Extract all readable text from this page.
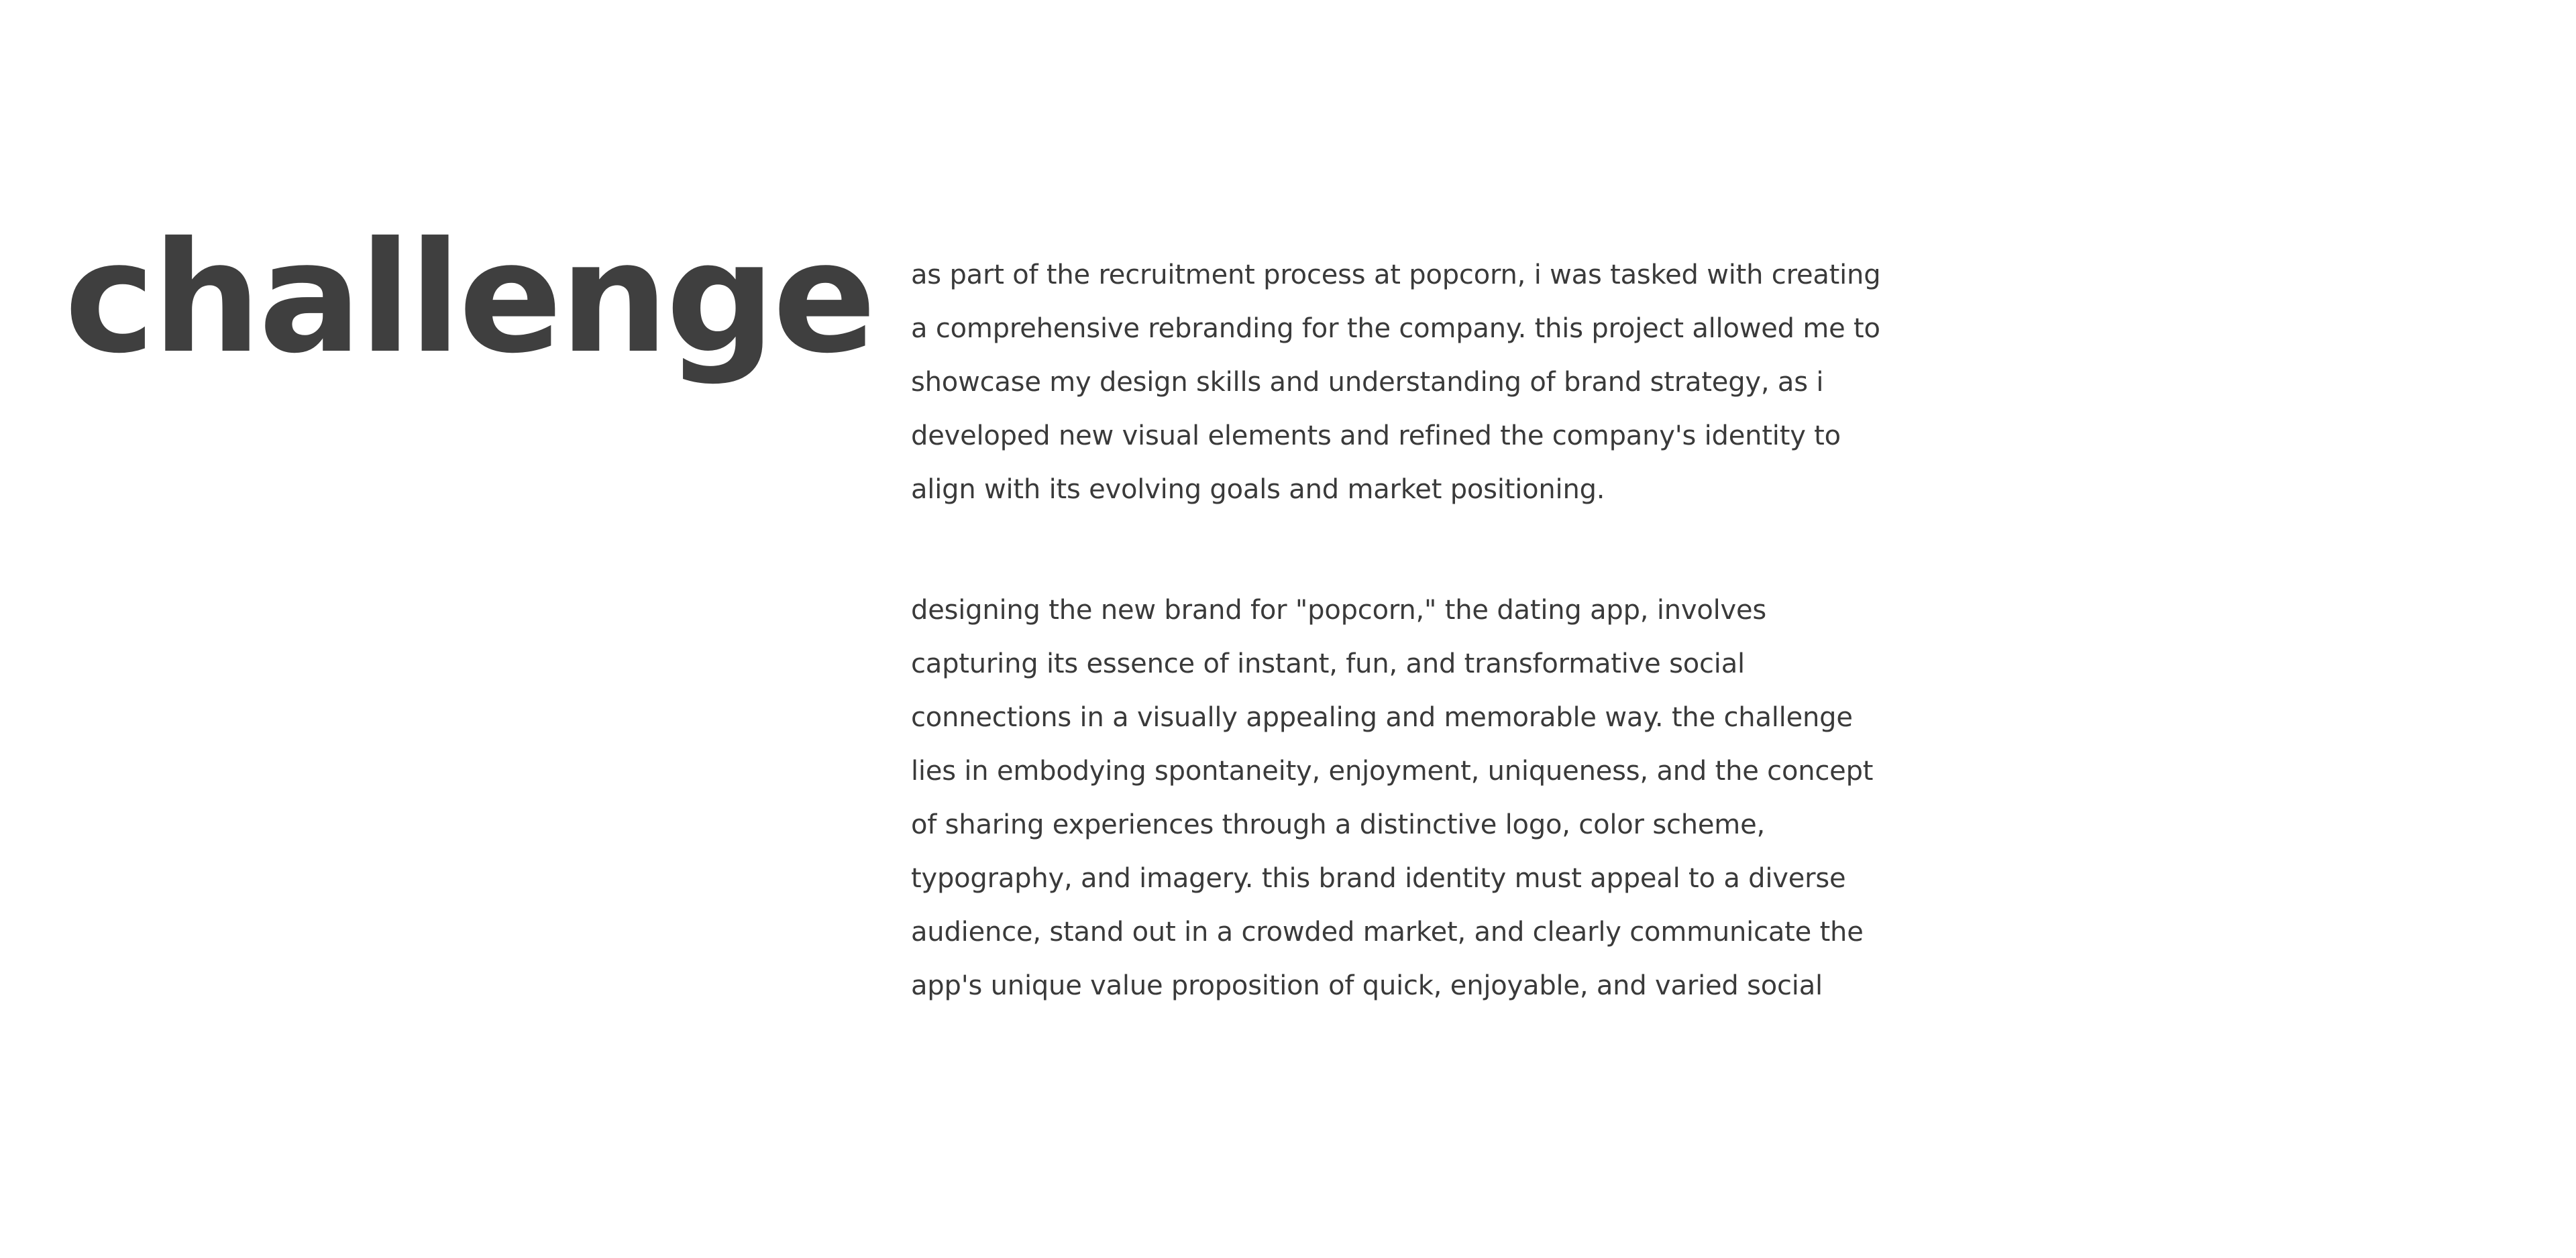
challenge as part of the recruitment process at popcorn, i was tasked with creating a comprehensive rebranding for the company. this project allowed me to showcase my design skills and understanding of brand strategy, as i developed new visual elements and refined the company's identity to align with its evolving goals and market positioning.

designing the new brand for "popcorn," the dating app, involves capturing its essence of instant, fun, and transformative social connections in a visually appealing and memorable way. the challenge lies in embodying spontaneity, enjoyment, uniqueness, and the concept of sharing experiences through a distinctive logo, color scheme, typography, and imagery. this brand identity must appeal to a diverse audience, stand out in a crowded market, and clearly communicate the app's unique value proposition of quick, enjoyable, and varied social
